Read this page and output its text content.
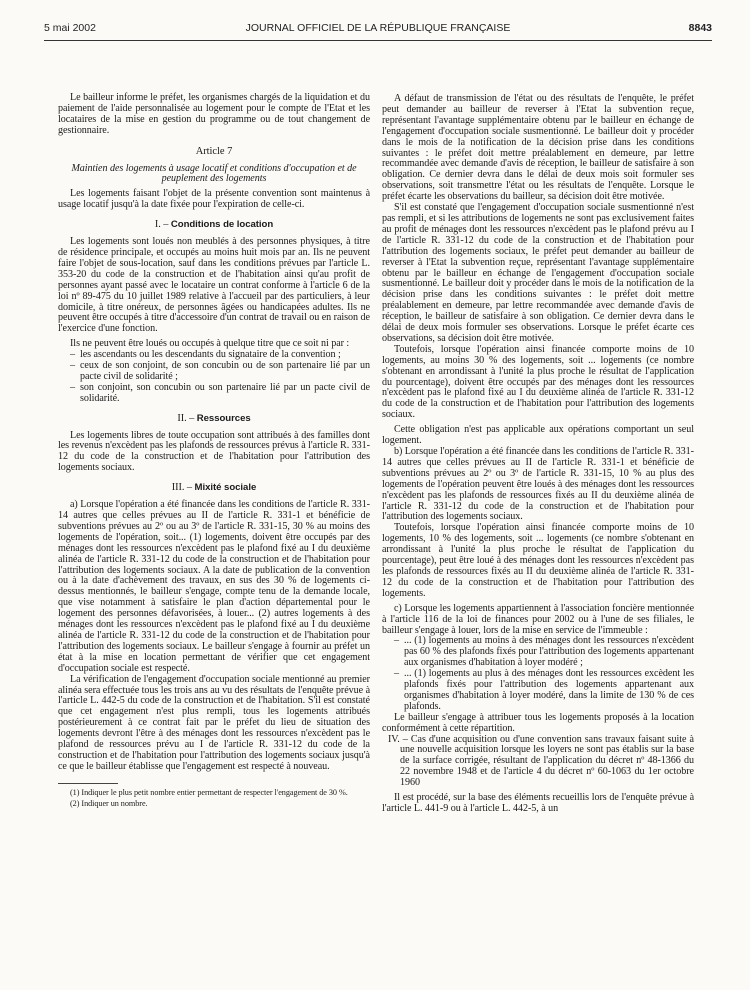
5 mai 2002	JOURNAL OFFICIEL DE LA RÉPUBLIQUE FRANÇAISE	8843

Le bailleur informe le préfet, les organismes chargés de la liquidation et du paiement de l'aide personnalisée au logement pour le compte de l'Etat et les locataires de la mise en gestion du programme ou de tout changement de gestionnaire.

Article 7
Maintien des logements à usage locatif et conditions d'occupation et de peuplement des logements

Les logements faisant l'objet de la présente convention sont maintenus à usage locatif jusqu'à la date fixée pour l'expiration de celle-ci.

I. – Conditions de location

Les logements sont loués non meublés à des personnes physiques, à titre de résidence principale, et occupés au moins huit mois par an. Ils ne peuvent faire l'objet de sous-location, sauf dans les conditions prévues par l'article L. 353-20 du code de la construction et de l'habitation ainsi qu'au profit de personnes ayant passé avec le locataire un contrat conforme à l'article 6 de la loi nº 89-475 du 10 juillet 1989 relative à l'accueil par des particuliers, à leur domicile, à titre onéreux, de personnes âgées ou handicapées adultes. Ils ne peuvent être occupés à titre d'accessoire d'un contrat de travail ou en raison de l'exercice d'une fonction.

Ils ne peuvent être loués ou occupés à quelque titre que ce soit ni par :

– les ascendants ou les descendants du signataire de la convention ;
– ceux de son conjoint, de son concubin ou de son partenaire lié par un pacte civil de solidarité ;
– son conjoint, son concubin ou son partenaire lié par un pacte civil de solidarité.
II. – Ressources

Les logements libres de toute occupation sont attribués à des familles dont les revenus n'excèdent pas les plafonds de ressources prévus à l'article R. 331-12 du code de la construction et de l'habitation pour l'attribution des logements sociaux.

III. – Mixité sociale

a) Lorsque l'opération a été financée dans les conditions de l'article R. 331-14 autres que celles prévues au II de l'article R. 331-1 et bénéficie de subventions prévues au 2º ou au 3º de l'article R. 331-15, 30 % au moins des logements de l'opération, soit... (1) logements, doivent être occupés par des ménages dont les ressources n'excèdent pas le plafond fixé au I du deuxième alinéa de l'article R. 331-12 du code de la construction et de l'habitation pour l'attribution des logements sociaux. A la date de publication de la convention ou à la date d'achèvement des travaux, en sus des 30 % de logements ci-dessus mentionnés, le bailleur s'engage, compte tenu de la demande locale, que vise notamment à satisfaire le plan d'action départemental pour le logement des personnes défavorisées, à louer... (2) autres logements à des ménages dont les ressources n'excèdent pas le plafond fixé au I du deuxième alinéa de l'article R. 331-12 du code de la construction et de l'habitation pour l'attribution des logements sociaux. Le bailleur s'engage à fournir au préfet un état à la mise en location permettant de vérifier que cet engagement d'occupation sociale est respecté.

La vérification de l'engagement d'occupation sociale mentionné au premier alinéa sera effectuée tous les trois ans au vu des résultats de l'enquête prévue à l'article L. 442-5 du code de la construction et de l'habitation. S'il est constaté que cet engagement n'est plus rempli, tous les logements attribués postérieurement à ce contrat fait par le préfet du lieu de situation des logements devront l'être à des ménages dont les ressources n'excèdent pas le plafond de ressources prévu au I de l'article R. 331-12 du code de la construction et de l'habitation pour l'attribution des logements sociaux jusqu'à ce que le bailleur établisse que l'engagement est respecté à nouveau.

(1) Indiquer le plus petit nombre entier permettant de respecter l'engagement de 30 %.
(2) Indiquer un nombre.

A défaut de transmission de l'état ou des résultats de l'enquête, le préfet peut demander au bailleur de reverser à l'Etat la subvention reçue, représentant l'avantage supplémentaire obtenu par le bailleur en échange de l'engagement d'occupation sociale susmentionné. Le bailleur doit y procéder dans le mois de la notification de la décision prise dans les conditions suivantes : le préfet doit mettre préalablement en demeure, par lettre recommandée avec demande d'avis de réception, le bailleur de satisfaire à son obligation. Ce dernier devra dans le délai de deux mois soit formuler ses observations, soit transmettre l'état ou les résultats de l'enquête. Lorsque le préfet écarte les observations du bailleur, sa décision doit être motivée.

S'il est constaté que l'engagement d'occupation sociale susmentionné n'est pas rempli, et si les attributions de logements ne sont pas exclusivement faites au profit de ménages dont les ressources n'excèdent pas le plafond prévu au I de l'article R. 331-12 du code de la construction et de l'habitation pour l'attribution des logements sociaux, le préfet peut demander au bailleur de reverser à l'Etat la subvention reçue, représentant l'avantage supplémentaire obtenu par le bailleur en échange de l'engagement d'occupation sociale susmentionné. Le bailleur doit y procéder dans le mois de la notification de la décision prise dans les conditions suivantes : le préfet doit mettre préalablement en demeure, par lettre recommandée avec demande d'avis de réception, le bailleur de satisfaire à son obligation. Ce dernier devra dans le délai de deux mois formuler ses observations. Lorsque le préfet écarte ces observations, sa décision doit être motivée.

Toutefois, lorsque l'opération ainsi financée comporte moins de 10 logements, au moins 30 % des logements, soit ... logements (ce nombre s'obtenant en arrondissant à l'unité la plus proche le résultat de l'application du pourcentage), doivent être occupés par des ménages dont les ressources n'excèdent pas le plafond fixé au I du deuxième alinéa de l'article R. 331-12 du code de la construction et de l'habitation pour l'attribution des logements sociaux.

Cette obligation n'est pas applicable aux opérations comportant un seul logement.

b) Lorsque l'opération a été financée dans les conditions de l'article R. 331-14 autres que celles prévues au II de l'article R. 331-1 et bénéficie de subventions prévues au 2º ou 3º de l'article R. 331-15, 10 % au plus des logements de l'opération peuvent être loués à des ménages dont les ressources n'excèdent pas les plafonds de ressources fixés au II du deuxième alinéa de l'article R. 331-12 du code de la construction et de l'habitation pour l'attribution des logements sociaux.

Toutefois, lorsque l'opération ainsi financée comporte moins de 10 logements, 10 % des logements, soit ... logements (ce nombre s'obtenant en arrondissant à l'unité la plus proche le résultat de l'application du pourcentage), peut être loué à des ménages dont les ressources n'excèdent pas les plafonds de ressources fixés au II du deuxième alinéa de l'article R. 331-12 du code de la construction et de l'habitation pour l'attribution des logements.

c) Lorsque les logements appartiennent à l'association foncière mentionnée à l'article 116 de la loi de finances pour 2002 ou à l'une de ses filiales, le bailleur s'engage à louer, lors de la mise en service de l'immeuble :

– ... (1) logements au moins à des ménages dont les ressources n'excèdent pas 60 % des plafonds fixés pour l'attribution des logements appartenant aux organismes d'habitation à loyer modéré ;
– ... (1) logements au plus à des ménages dont les ressources excèdent les plafonds fixés pour l'attribution des logements appartenant aux organismes d'habitation à loyer modéré, dans la limite de 130 % de ces plafonds.

Le bailleur s'engage à attribuer tous les logements proposés à la location conformément à cette répartition.

IV. – Cas d'une acquisition ou d'une convention sans travaux faisant suite à une nouvelle acquisition lorsque les loyers ne sont pas établis sur la base de la surface corrigée, résultant de l'application du décret nº 48-1366 du 22 novembre 1948 et de l'article 4 du décret nº 60-1063 du 1er octobre 1960

Il est procédé, sur la base des éléments recueillis lors de l'enquête prévue à l'article L. 441-9 ou à l'article L. 442-5, à un
